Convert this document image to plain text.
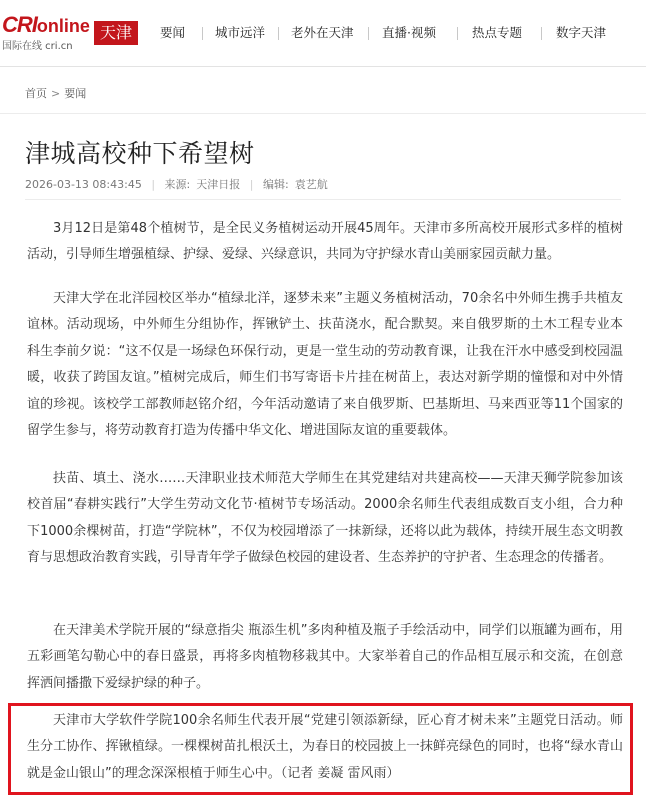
CRIonline
国际在线 cri.cn
天津	要闻 城市远洋 老外在天津 直播·视频	热点专题	数字天津
首页 > 要闻
津城高校种下希望树
2026-03-13 08:43:45 | 来源: 天津日报 | 编辑: 袁艺航

3月12日是第48个植树节，是全民义务植树运动开展45周年。天津市多所高校开展形式多样的植树活动，引导师生增强植绿、护绿、爱绿、兴绿意识，共同为守护绿水青山美丽家园贡献力量。

天津大学在北洋园校区举办“植绿北洋，逐梦未来”主题义务植树活动，70余名中外师生携手共植友谊林。活动现场，中外师生分组协作，挥锹铲土、扶苗浇水，配合默契。来自俄罗斯的土木工程专业本科生李前夕说：“这不仅是一场绿色环保行动，更是一堂生动的劳动教育课，让我在汗水中感受到校园温暖，收获了跨国友谊。”植树完成后，师生们书写寄语卡片挂在树苗上，表达对新学期的憧憬和对中外情谊的珍视。该校学工部教师赵铭介绍，今年活动邀请了来自俄罗斯、巴基斯坦、马来西亚等11个国家的留学生参与，将劳动教育打造为传播中华文化、增进国际友谊的重要载体。

扶苗、填土、浇水……天津职业技术师范大学师生在其党建结对共建高校——天津天狮学院参加该校首届“春耕实践行”大学生劳动文化节·植树节专场活动。2000余名师生代表组成数百支小组，合力种下1000余棵树苗，打造“学院林”，不仅为校园增添了一抹新绿，还将以此为载体，持续开展生态文明教育与思想政治教育实践，引导青年学子做绿色校园的建设者、生态养护的守护者、生态理念的传播者。

在天津美术学院开展的“绿意指尖 瓶添生机”多肉种植及瓶子手绘活动中，同学们以瓶罐为画布，用五彩画笔勾勒心中的春日盛景，再将多肉植物移栽其中。大家举着自己的作品相互展示和交流，在创意挥洒间播撒下爱绿护绿的种子。

天津市大学软件学院100余名师生代表开展“党建引领添新绿，匠心育才树未来”主题党日活动。师生分工协作、挥锹植绿。一棵棵树苗扎根沃土，为春日的校园披上一抹鲜亮绿色的同时，也将“绿水青山就是金山银山”的理念深深根植于师生心中。（记者 姜凝 雷风雨）
